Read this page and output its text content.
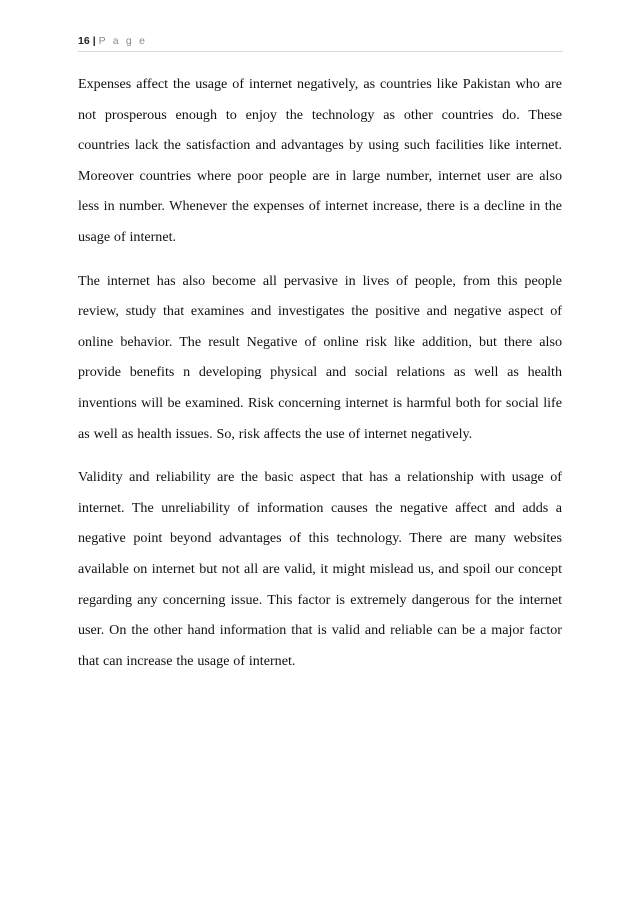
16 | P a g e

Expenses affect the usage of internet negatively, as countries like Pakistan who are not prosperous enough to enjoy the technology as other countries do. These countries lack the satisfaction and advantages by using such facilities like internet. Moreover countries where poor people are in large number, internet user are also less in number. Whenever the expenses of internet increase, there is a decline in the usage of internet.

The internet has also become all pervasive in lives of people, from this people review, study that examines and investigates the positive and negative aspect of online behavior. The result Negative of online risk like addition, but there also provide benefits n developing physical and social relations as well as health inventions will be examined. Risk concerning internet is harmful both for social life as well as health issues. So, risk affects the use of internet negatively.

Validity and reliability are the basic aspect that has a relationship with usage of internet. The unreliability of information causes the negative affect and adds a negative point beyond advantages of this technology. There are many websites available on internet but not all are valid, it might mislead us, and spoil our concept regarding any concerning issue. This factor is extremely dangerous for the internet user. On the other hand information that is valid and reliable can be a major factor that can increase the usage of internet.
